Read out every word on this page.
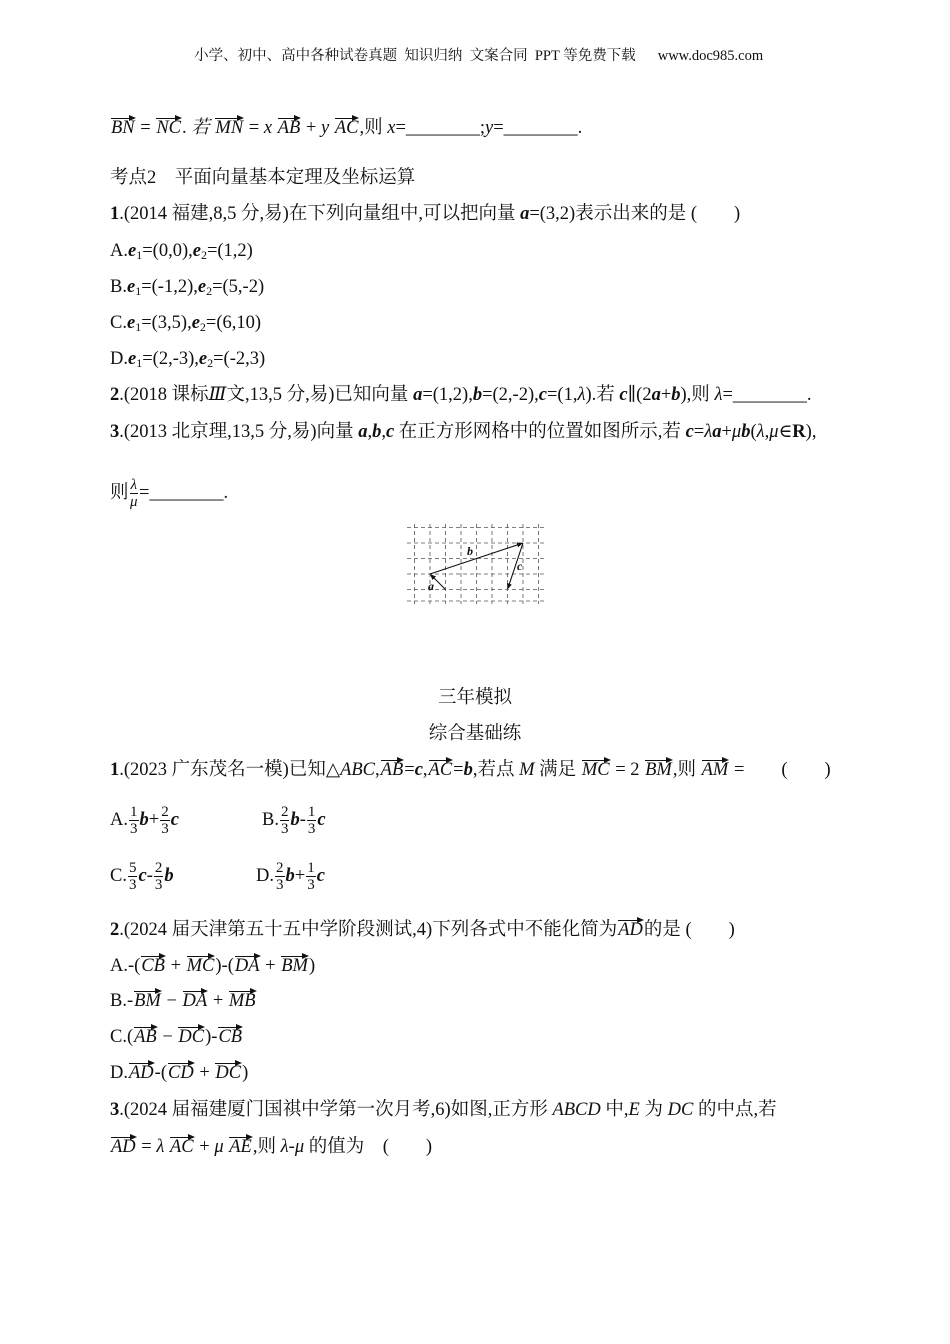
小学、初中、高中各种试卷真题  知识归纳  文案合同  PPT 等免费下载 www.doc985.com

BN = NC. 若 MN = x AB + y AC,则 x=________;y=________.
考点2　平面向量基本定理及坐标运算
1.(2014 福建,8,5 分,易)在下列向量组中,可以把向量 a=(3,2)表示出来的是 (　　)
$A.e_1=(0,0),e_2=(1,2)$
$B.e_1=(-1,2),e_2=(5,-2)$
$C.e_1=(3,5),e_2=(6,10)$
$D.e_1=(2,-3),e_2=(-2,3)$
2.(2018 课标Ⅲ文,13,5 分,易)已知向量 a=(1,2),b=(2,-2),c=(1,λ).若 c∥(2a+b),则 λ=________.
3.(2013 北京理,13,5 分,易)向量 a,b,c 在正方形网格中的位置如图所示,若 c=λa+μb(λ,μ∈R),
则 $\frac{\lambda}{\mu}$ =________.
a
b
c
三年模拟
综合基础练
1.(2023 广东茂名一模)已知△ABC,AB=c,AC=b,若点 M 满足 MC = 2 BM,则 AM =　　(　　)
A. $\frac{1}{3} b+ \frac{2}{3}$ c	B. $\frac{2}{3} b- \frac{1}{3}$ c
C. $\frac{5}{3} c- \frac{2}{3}$ b	D. $\frac{2}{3} b+ \frac{1}{3}$ c
2.(2024 届天津第五十五中学阶段测试,4)下列各式中不能化简为AD的是 (　　)
A.-(CB + MC)-(DA + BM)
B.-BM − DA + MB
C.(AB − DC)-CB
D.AD-(CD + DC)
3.(2024 届福建厦门国祺中学第一次月考,6)如图,正方形 ABCD 中,E 为 DC 的中点,若
AD = λ AC + μ AE,则 λ-μ 的值为　(　　)
